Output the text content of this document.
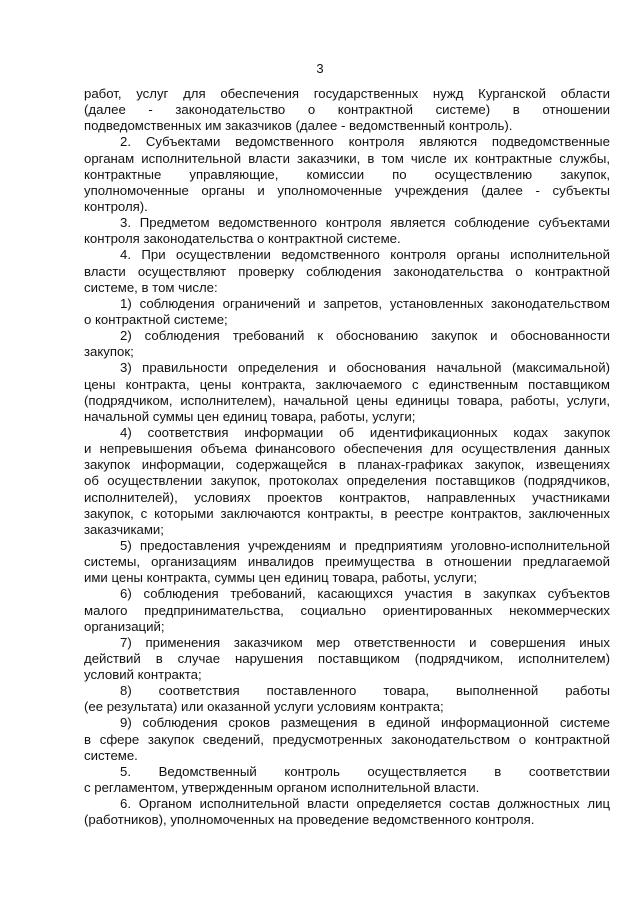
3
работ, услуг для обеспечения государственных нужд Курганской области
(далее - законодательство о контрактной системе) в отношении
подведомственных им заказчиков (далее - ведомственный контроль).
2. Субъектами ведомственного контроля являются подведомственные
органам исполнительной власти заказчики, в том числе их контрактные службы,
контрактные управляющие, комиссии по осуществлению закупок,
уполномоченные органы и уполномоченные учреждения (далее - субъекты
контроля).
3. Предметом ведомственного контроля является соблюдение субъектами
контроля законодательства о контрактной системе.
4. При осуществлении ведомственного контроля органы исполнительной
власти осуществляют проверку соблюдения законодательства о контрактной
системе, в том числе:
1) соблюдения ограничений и запретов, установленных законодательством
о контрактной системе;
2) соблюдения требований к обоснованию закупок и обоснованности
закупок;
3) правильности определения и обоснования начальной (максимальной)
цены контракта, цены контракта, заключаемого с единственным поставщиком
(подрядчиком, исполнителем), начальной цены единицы товара, работы, услуги,
начальной суммы цен единиц товара, работы, услуги;
4) соответствия информации об идентификационных кодах закупок
и непревышения объема финансового обеспечения для осуществления данных
закупок информации, содержащейся в планах-графиках закупок, извещениях
об осуществлении закупок, протоколах определения поставщиков (подрядчиков,
исполнителей), условиях проектов контрактов, направленных участниками
закупок, с которыми заключаются контракты, в реестре контрактов, заключенных
заказчиками;
5) предоставления учреждениям и предприятиям уголовно-исполнительной
системы, организациям инвалидов преимущества в отношении предлагаемой
ими цены контракта, суммы цен единиц товара, работы, услуги;
6) соблюдения требований, касающихся участия в закупках субъектов
малого предпринимательства, социально ориентированных некоммерческих
организаций;
7) применения заказчиком мер ответственности и совершения иных
действий в случае нарушения поставщиком (подрядчиком, исполнителем)
условий контракта;
8) соответствия поставленного товара, выполненной работы
(ее результата) или оказанной услуги условиям контракта;
9) соблюдения сроков размещения в единой информационной системе
в сфере закупок сведений, предусмотренных законодательством о контрактной
системе.
5. Ведомственный контроль осуществляется в соответствии
с регламентом, утвержденным органом исполнительной власти.
6. Органом исполнительной власти определяется состав должностных лиц
(работников), уполномоченных на проведение ведомственного контроля.
